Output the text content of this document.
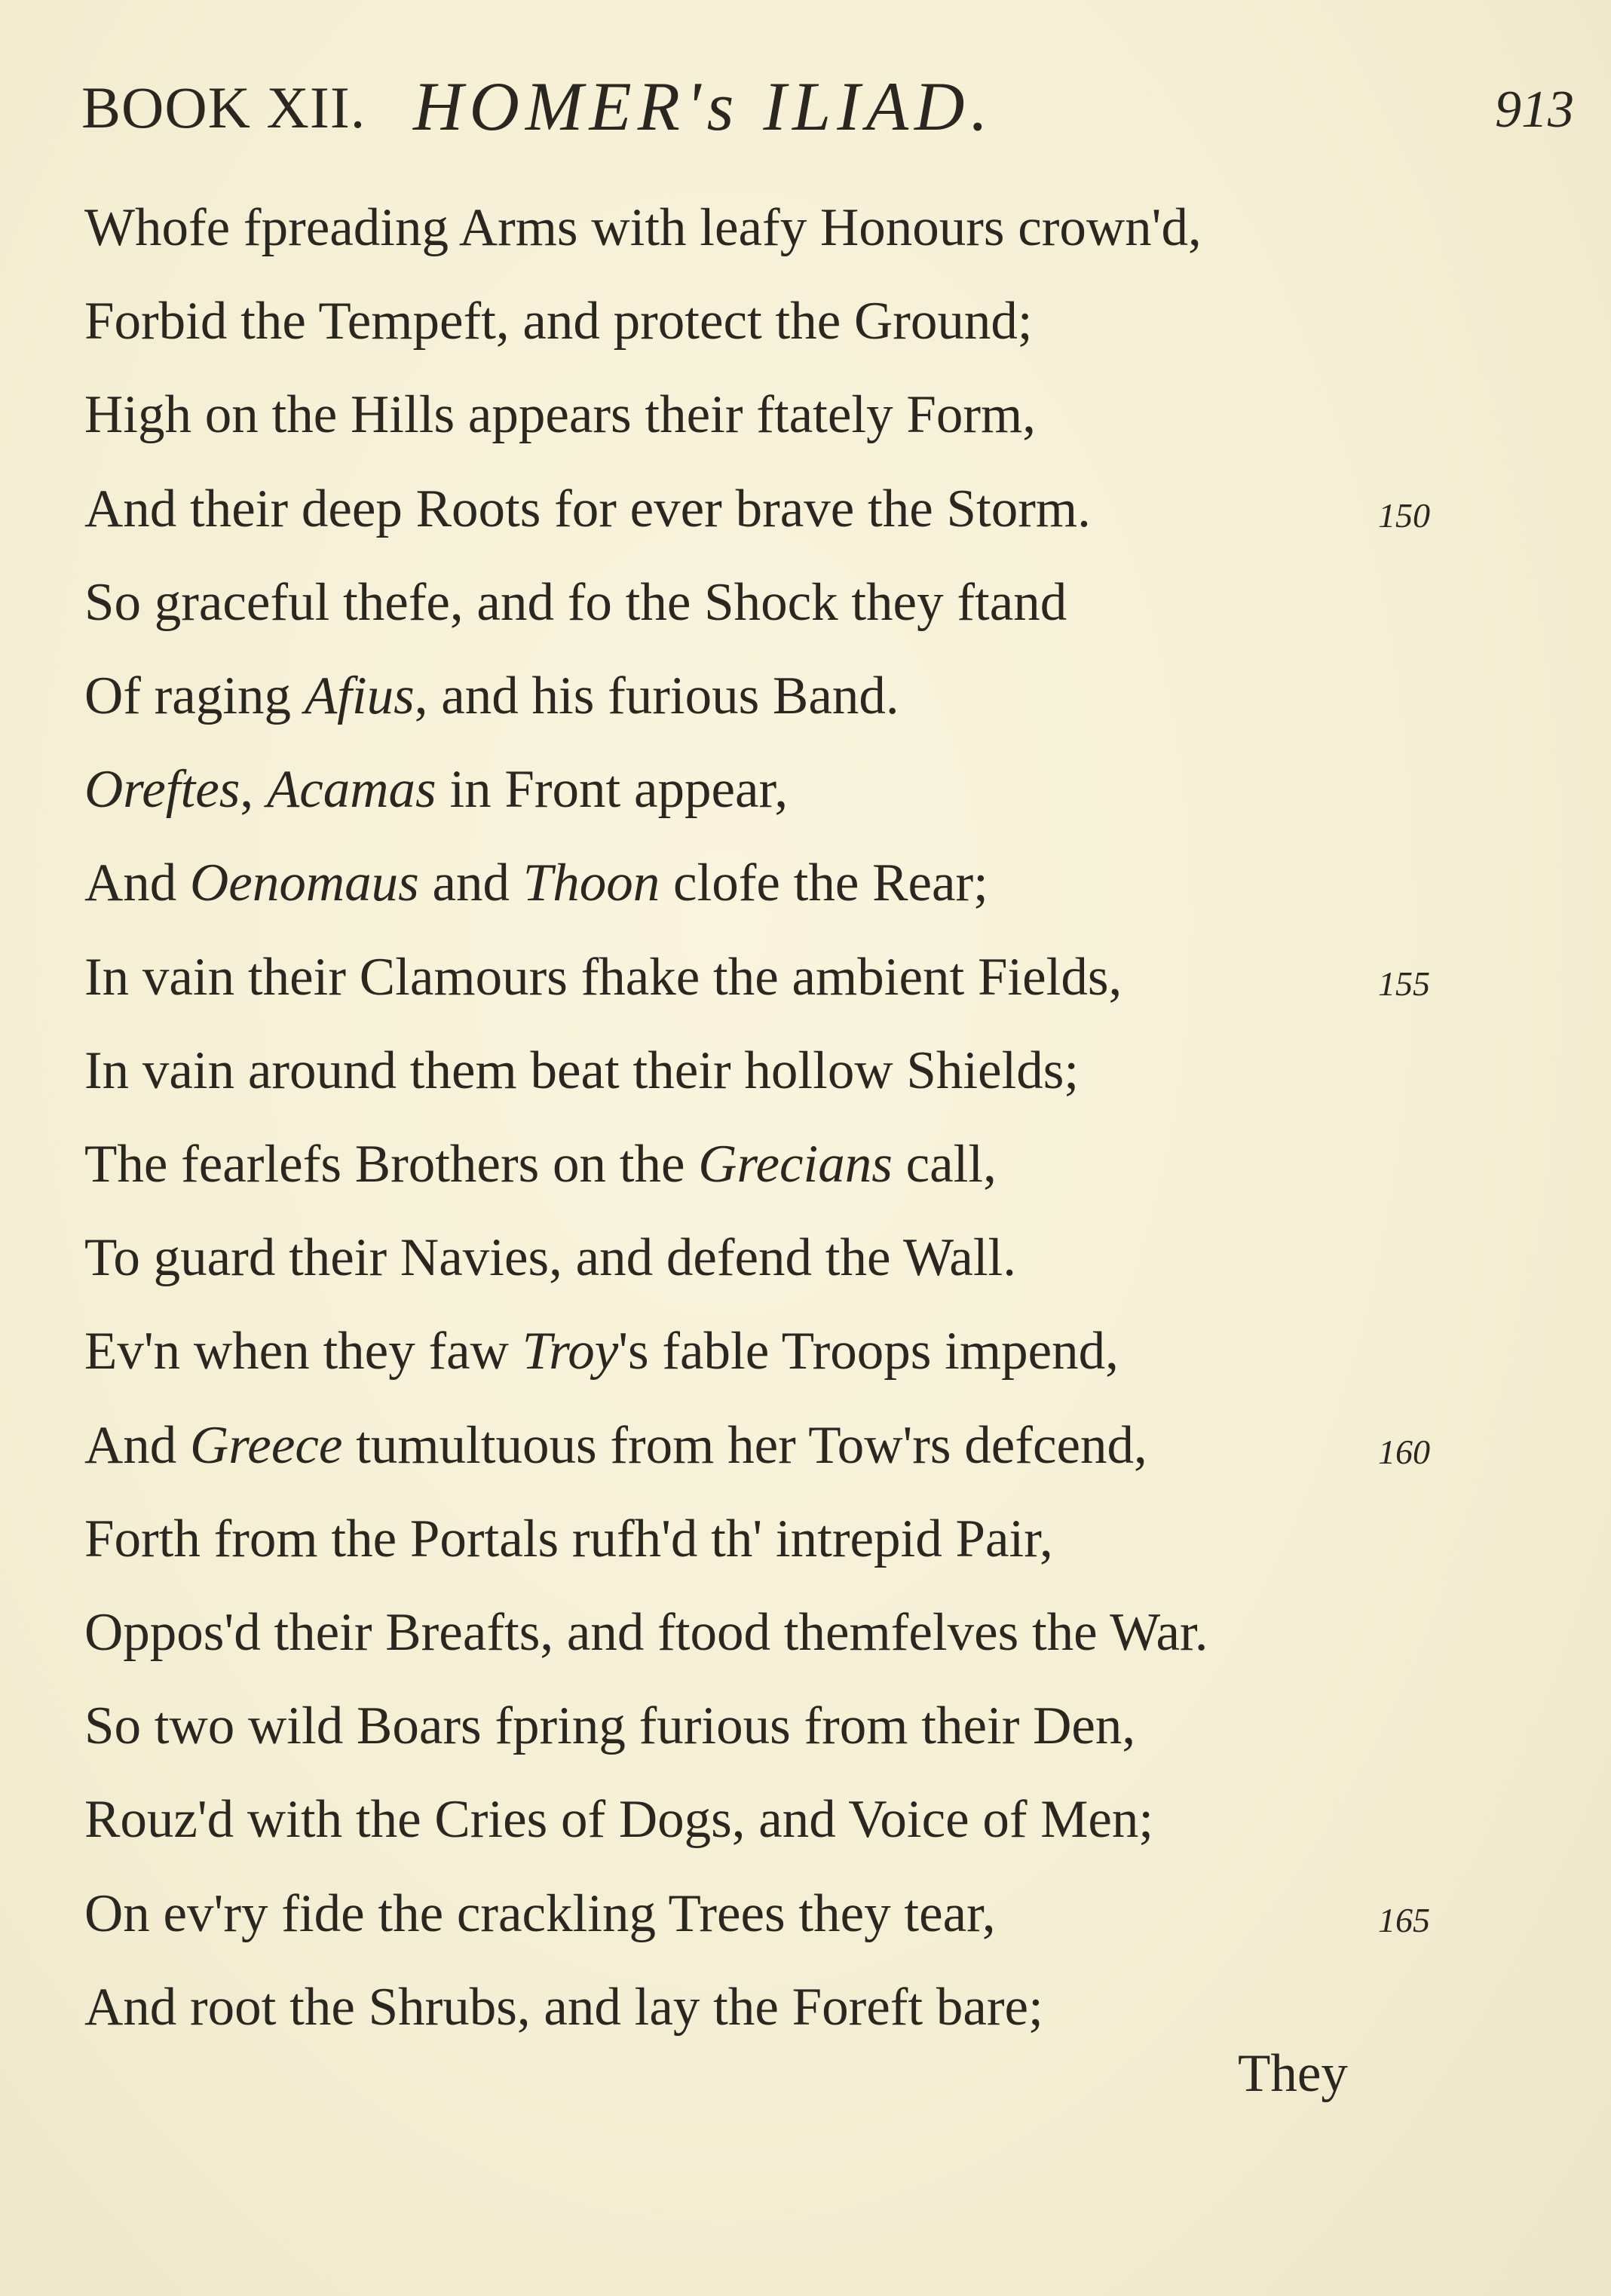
BOOK XII. HOMER's ILIAD.	913
Whofe fpreading Arms with leafy Honours crown'd,
Forbid the Tempeft, and protect the Ground;
High on the Hills appears their ftately Form,
And their deep Roots for ever brave the Storm.	150
So graceful thefe, and fo the Shock they ftand
Of raging Afius, and his furious Band.
Oreftes, Acamas in Front appear,
And Oenomaus and Thoon clofe the Rear;
In vain their Clamours fhake the ambient Fields,	155
In vain around them beat their hollow Shields;
The fearlefs Brothers on the Grecians call,
To guard their Navies, and defend the Wall.
Ev'n when they faw Troy's fable Troops impend,
And Greece tumultuous from her Tow'rs defcend,	160
Forth from the Portals rufh'd th' intrepid Pair,
Oppos'd their Breafts, and ftood themfelves the War.
So two wild Boars fpring furious from their Den,
Rouz'd with the Cries of Dogs, and Voice of Men;
On ev'ry fide the crackling Trees they tear,	165
And root the Shrubs, and lay the Foreft bare;
They
